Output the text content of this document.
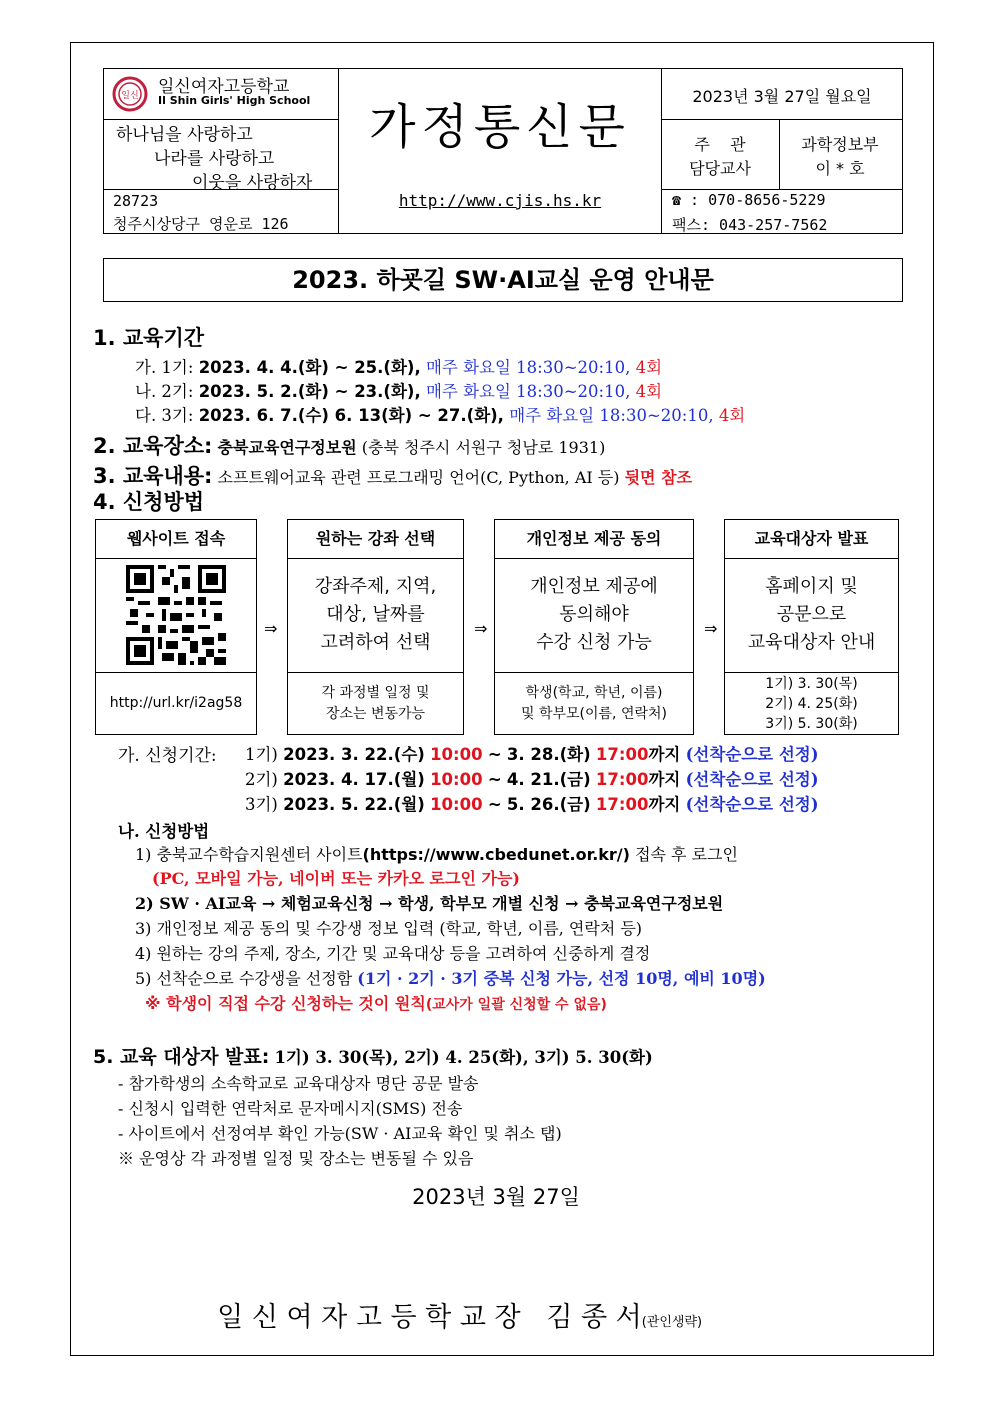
일신 일신여자고등학교
Il Shin Girls' High School
하나님을 사랑하고
나라를 사랑하고
이웃을 사랑하자
28723
청주시상당구 영운로 126
가정통신문
http://www.cjis.hs.kr
2023년 3월 27일 월요일
주    관
담당교사
과학정보부
이 * 호
☎ : 070-8656-5229
팩스: 043-257-7562
2023. 하굣길 SW·AI교실 운영 안내문
1. 교육기간
가. 1기: 2023. 4. 4.(화) ~ 25.(화), 매주 화요일 18:30~20:10, 4회
나. 2기: 2023. 5. 2.(화) ~ 23.(화), 매주 화요일 18:30~20:10, 4회
다. 3기: 2023. 6. 7.(수) 6. 13(화) ~ 27.(화), 매주 화요일 18:30~20:10, 4회
2. 교육장소: 충북교육연구정보원 (충북 청주시 서원구 청남로 1931)
3. 교육내용: 소프트웨어교육 관련 프로그래밍 언어(C, Python, AI 등) 뒷면 참조
4. 신청방법
웹사이트 접속
http://url.kr/i2ag58
⇒
원하는 강좌 선택
강좌주제, 지역,
대상, 날짜를
고려하여 선택
각 과정별 일정 및
장소는 변동가능
⇒
개인정보 제공 동의
개인정보 제공에
동의해야
수강 신청 가능
학생(학교, 학년, 이름)
및 학부모(이름, 연락처)
⇒
교육대상자 발표
홈페이지 및
공문으로
교육대상자 안내
1기) 3. 30(목)
2기) 4. 25(화)
3기) 5. 30(화)
가. 신청기간: 1기) 2023. 3. 22.(수) 10:00 ~ 3. 28.(화) 17:00까지 (선착순으로 선정)
2기) 2023. 4. 17.(월) 10:00 ~ 4. 21.(금) 17:00까지 (선착순으로 선정)
3기) 2023. 5. 22.(월) 10:00 ~ 5. 26.(금) 17:00까지 (선착순으로 선정)
나. 신청방법
1) 충북교수학습지원센터 사이트(https://www.cbedunet.or.kr/) 접속 후 로그인
(PC, 모바일 가능, 네이버 또는 카카오 로그인 가능)
2) SW · AI교육 → 체험교육신청 → 학생, 학부모 개별 신청 → 충북교육연구정보원
3) 개인정보 제공 동의 및 수강생 정보 입력 (학교, 학년, 이름, 연락처 등)
4) 원하는 강의 주제, 장소, 기간 및 교육대상 등을 고려하여 신중하게 결정
5) 선착순으로 수강생을 선정함 (1기 · 2기 · 3기 중복 신청 가능, 선정 10명, 예비 10명)
※ 학생이 직접 수강 신청하는 것이 원칙(교사가 일괄 신청할 수 없음)
5. 교육 대상자 발표: 1기) 3. 30(목), 2기) 4. 25(화), 3기) 5. 30(화)
- 참가학생의 소속학교로 교육대상자 명단 공문 발송
- 신청시 입력한 연락처로 문자메시지(SMS) 전송
- 사이트에서 선정여부 확인 가능(SW · AI교육 확인 및 취소 탭)
※ 운영상 각 과정별 일정 및 장소는 변동될 수 있음
2023년 3월 27일

일 신 여 자 고 등 학 교 장   김 종 서(관인생략)
